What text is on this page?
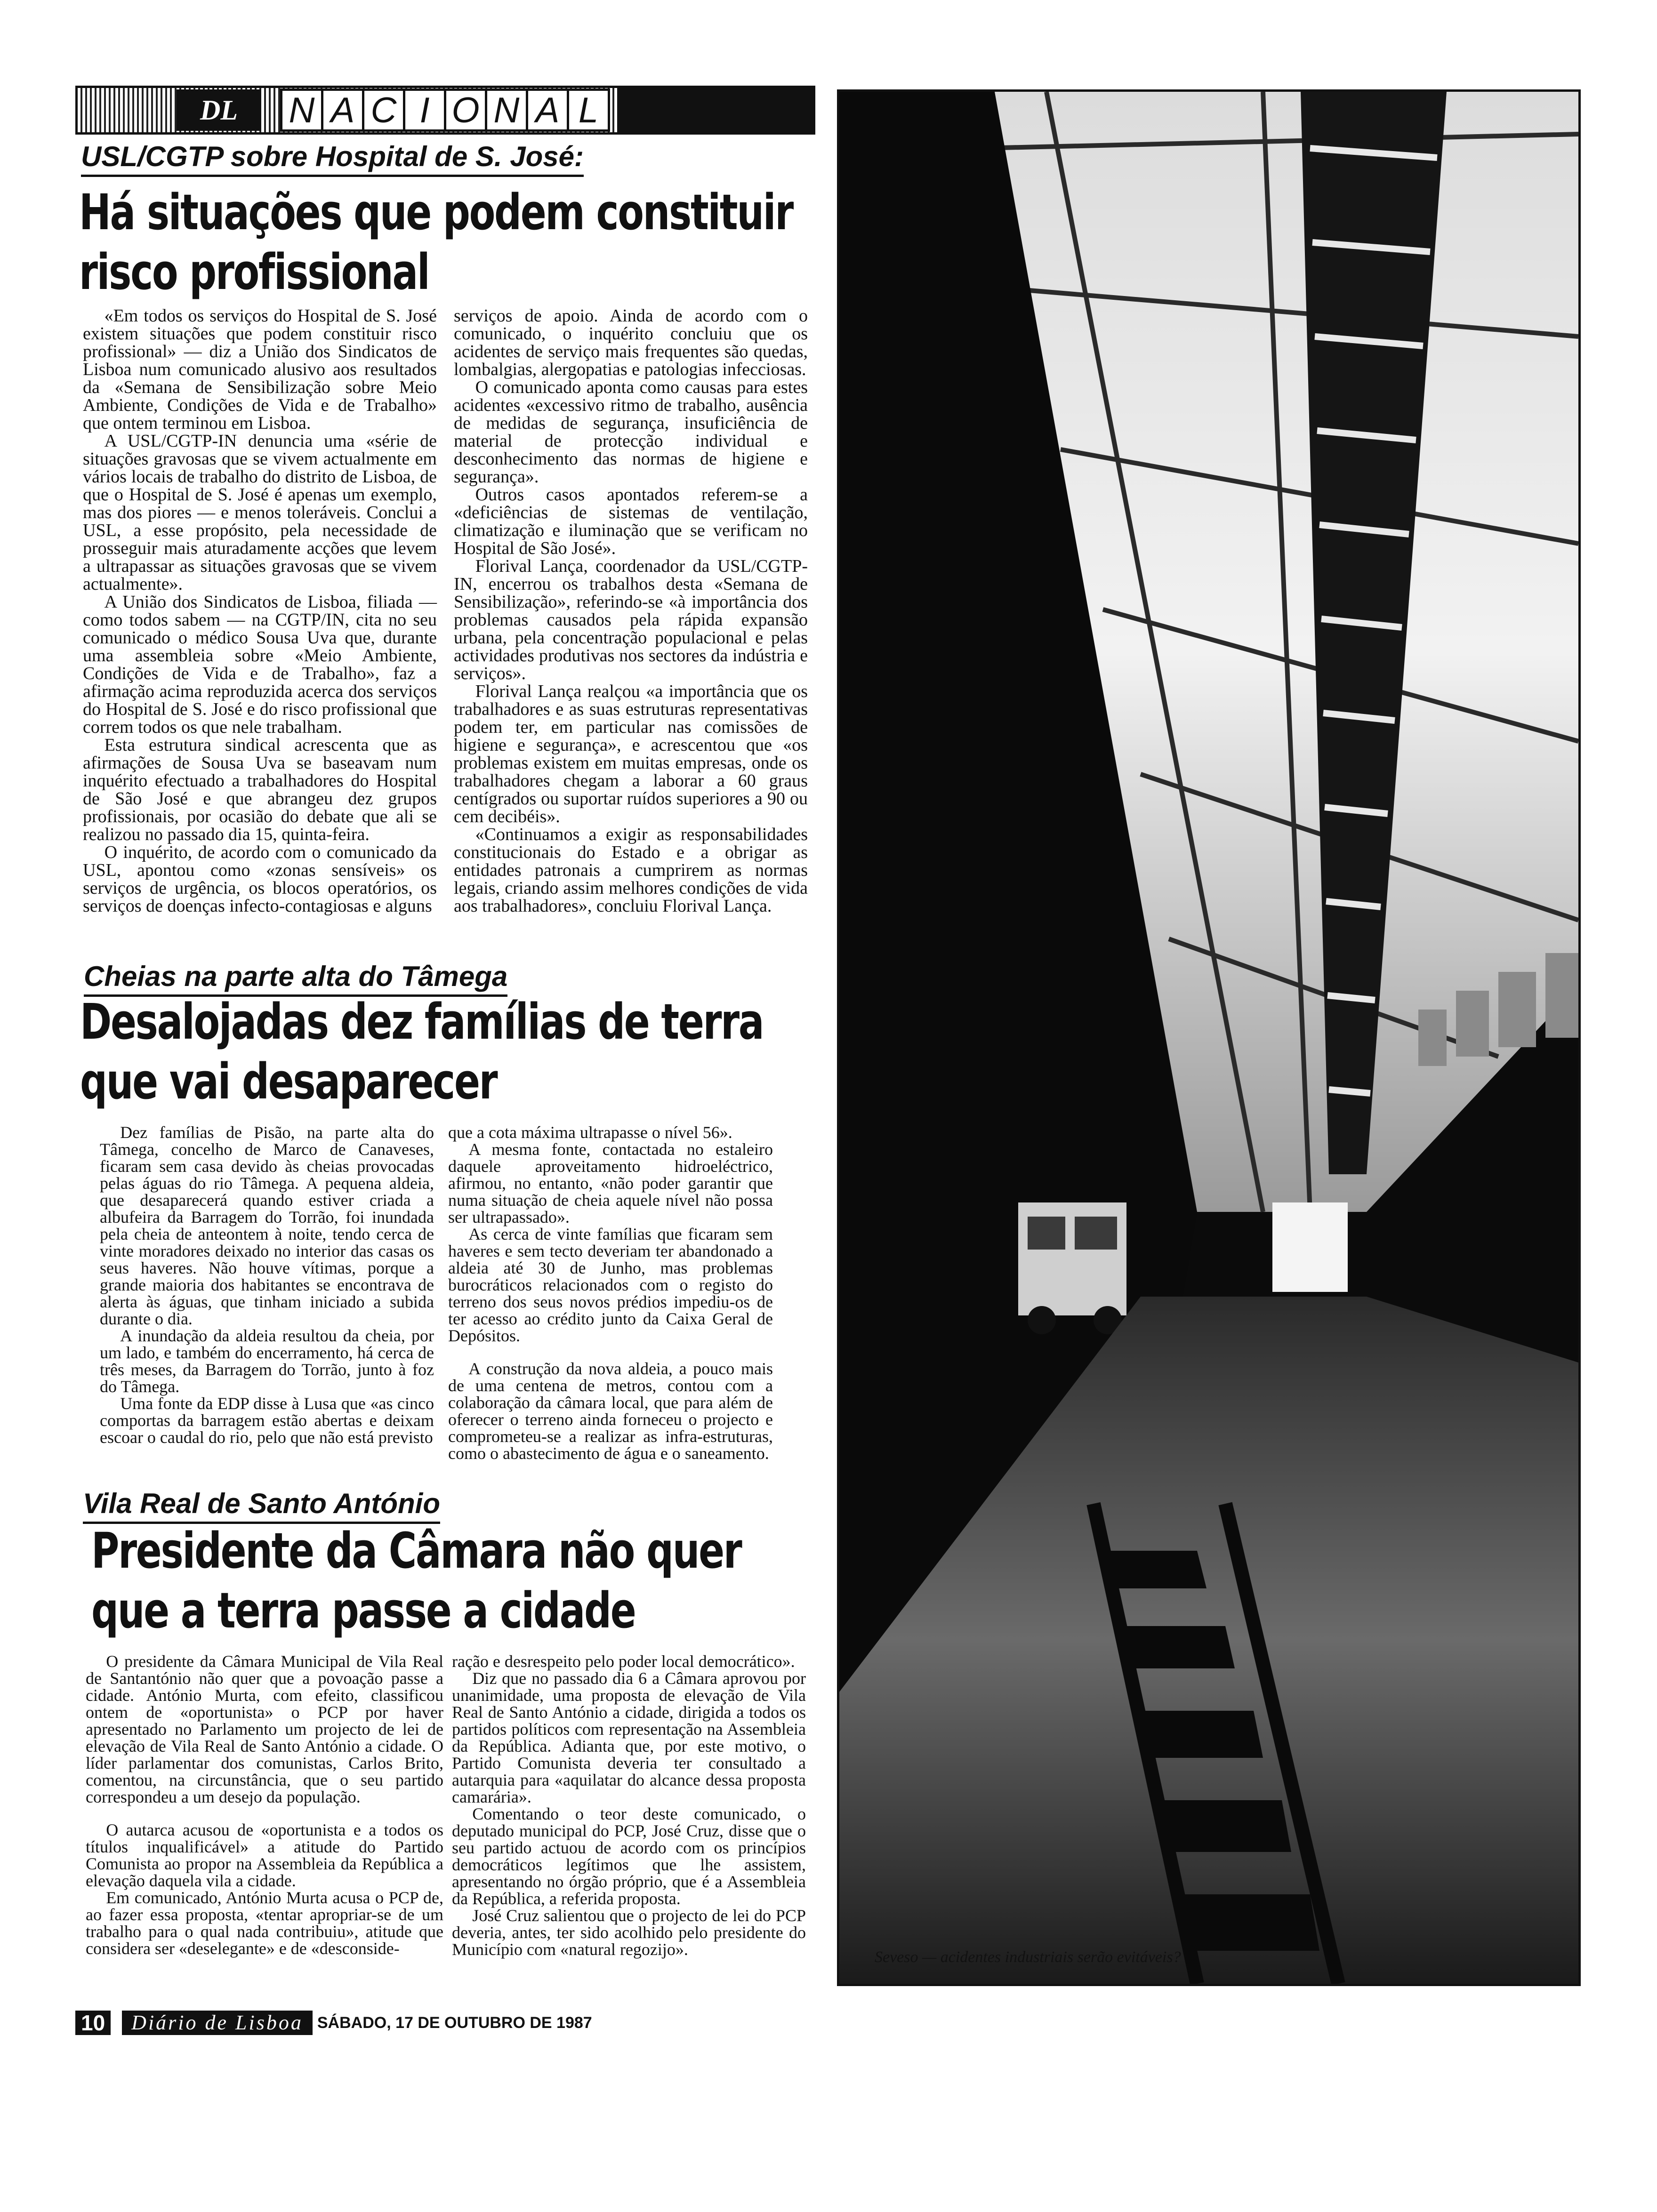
DL	N A C I O N A L
USL/CGTP sobre Hospital de S. José:
Há situações que podem constituir
risco profissional

«Em todos os serviços do Hospital de S. José existem situações que podem constituir risco profissional» — diz a União dos Sindicatos de Lisboa num comunicado alusivo aos resultados da «Semana de Sensibilização sobre Meio Ambiente, Condições de Vida e de Trabalho» que ontem terminou em Lisboa.

A USL/CGTP-IN denuncia uma «série de situações gravosas que se vivem actualmente em vários locais de trabalho do distrito de Lisboa, de que o Hospital de S. José é apenas um exemplo, mas dos piores — e menos toleráveis. Conclui a USL, a esse propósito, pela necessidade de prosseguir mais aturadamente acções que levem a ultrapassar as situações gravosas que se vivem actualmente».

A União dos Sindicatos de Lisboa, filiada — como todos sabem — na CGTP/IN, cita no seu comunicado o médico Sousa Uva que, durante uma assembleia sobre «Meio Ambiente, Condições de Vida e de Trabalho», faz a afirmação acima reproduzida acerca dos serviços do Hospital de S. José e do risco profissional que correm todos os que nele trabalham.

Esta estrutura sindical acrescenta que as afirmações de Sousa Uva se baseavam num inquérito efectuado a trabalhadores do Hospital de São José e que abrangeu dez grupos profissionais, por ocasião do debate que ali se realizou no passado dia 15, quinta-feira.

O inquérito, de acordo com o comunicado da USL, apontou como «zonas sensíveis» os serviços de urgência, os blocos operatórios, os serviços de doenças infecto-contagiosas e alguns

serviços de apoio. Ainda de acordo com o comunicado, o inquérito concluiu que os acidentes de serviço mais frequentes são quedas, lombalgias, alergopatias e patologias infecciosas.

O comunicado aponta como causas para estes acidentes «excessivo ritmo de trabalho, ausência de medidas de segurança, insuficiência de material de protecção individual e desconhecimento das normas de higiene e segurança».

Outros casos apontados referem-se a «deficiências de sistemas de ventilação, climatização e iluminação que se verificam no Hospital de São José».

Florival Lança, coordenador da USL/CGTP-IN, encerrou os trabalhos desta «Semana de Sensibilização», referindo-se «à importância dos problemas causados pela rápida expansão urbana, pela concentração populacional e pelas actividades produtivas nos sectores da indústria e serviços».

Florival Lança realçou «a importância que os trabalhadores e as suas estruturas representativas podem ter, em particular nas comissões de higiene e segurança», e acrescentou que «os problemas existem em muitas empresas, onde os trabalhadores chegam a laborar a 60 graus centígrados ou suportar ruídos superiores a 90 ou cem decibéis».

«Continuamos a exigir as responsabilidades constitucionais do Estado e a obrigar as entidades patronais a cumprirem as normas legais, criando assim melhores condições de vida aos trabalhadores», concluiu Florival Lança.

Cheias na parte alta do Tâmega
Desalojadas dez famílias de terra
que vai desaparecer

Dez famílias de Pisão, na parte alta do Tâmega, concelho de Marco de Canaveses, ficaram sem casa devido às cheias provocadas pelas águas do rio Tâmega. A pequena aldeia, que desaparecerá quando estiver criada a albufeira da Barragem do Torrão, foi inundada pela cheia de anteontem à noite, tendo cerca de vinte moradores deixado no interior das casas os seus haveres. Não houve vítimas, porque a grande maioria dos habitantes se encontrava de alerta às águas, que tinham iniciado a subida durante o dia.

A inundação da aldeia resultou da cheia, por um lado, e também do encerramento, há cerca de três meses, da Barragem do Torrão, junto à foz do Tâmega.

Uma fonte da EDP disse à Lusa que «as cinco comportas da barragem estão abertas e deixam escoar o caudal do rio, pelo que não está previsto

que a cota máxima ultrapasse o nível 56».

A mesma fonte, contactada no estaleiro daquele aproveitamento hidroeléctrico, afirmou, no entanto, «não poder garantir que numa situação de cheia aquele nível não possa ser ultrapassado».

As cerca de vinte famílias que ficaram sem haveres e sem tecto deveriam ter abandonado a aldeia até 30 de Junho, mas problemas burocráticos relacionados com o registo do terreno dos seus novos prédios impediu-os de ter acesso ao crédito junto da Caixa Geral de Depósitos.

A construção da nova aldeia, a pouco mais de uma centena de metros, contou com a colaboração da câmara local, que para além de oferecer o terreno ainda forneceu o projecto e comprometeu-se a realizar as infra-estruturas, como o abastecimento de água e o saneamento.

Vila Real de Santo António
Presidente da Câmara não quer
que a terra passe a cidade

O presidente da Câmara Municipal de Vila Real de Santantónio não quer que a povoação passe a cidade. António Murta, com efeito, classificou ontem de «oportunista» o PCP por haver apresentado no Parlamento um projecto de lei de elevação de Vila Real de Santo António a cidade. O líder parlamentar dos comunistas, Carlos Brito, comentou, na circunstância, que o seu partido correspondeu a um desejo da população.

O autarca acusou de «oportunista e a todos os títulos inqualificável» a atitude do Partido Comunista ao propor na Assembleia da República a elevação daquela vila a cidade.

Em comunicado, António Murta acusa o PCP de, ao fazer essa proposta, «tentar apropriar-se de um trabalho para o qual nada contribuiu», atitude que considera ser «deselegante» e de «desconside-

ração e desrespeito pelo poder local democrático».

Diz que no passado dia 6 a Câmara aprovou por unanimidade, uma proposta de elevação de Vila Real de Santo António a cidade, dirigida a todos os partidos políticos com representação na Assembleia da República. Adianta que, por este motivo, o Partido Comunista deveria ter consultado a autarquia para «aquilatar do alcance dessa proposta camarária».

Comentando o teor deste comunicado, o deputado municipal do PCP, José Cruz, disse que o seu partido actuou de acordo com os princípios democráticos legítimos que lhe assistem, apresentando no órgão próprio, que é a Assembleia da República, a referida proposta.

José Cruz salientou que o projecto de lei do PCP deveria, antes, ter sido acolhido pelo presidente do Município com «natural regozijo».	Seveso — acidentes industriais serão evitáveis?
10	Diário de Lisboa SÁBADO, 17 DE OUTUBRO DE 1987
